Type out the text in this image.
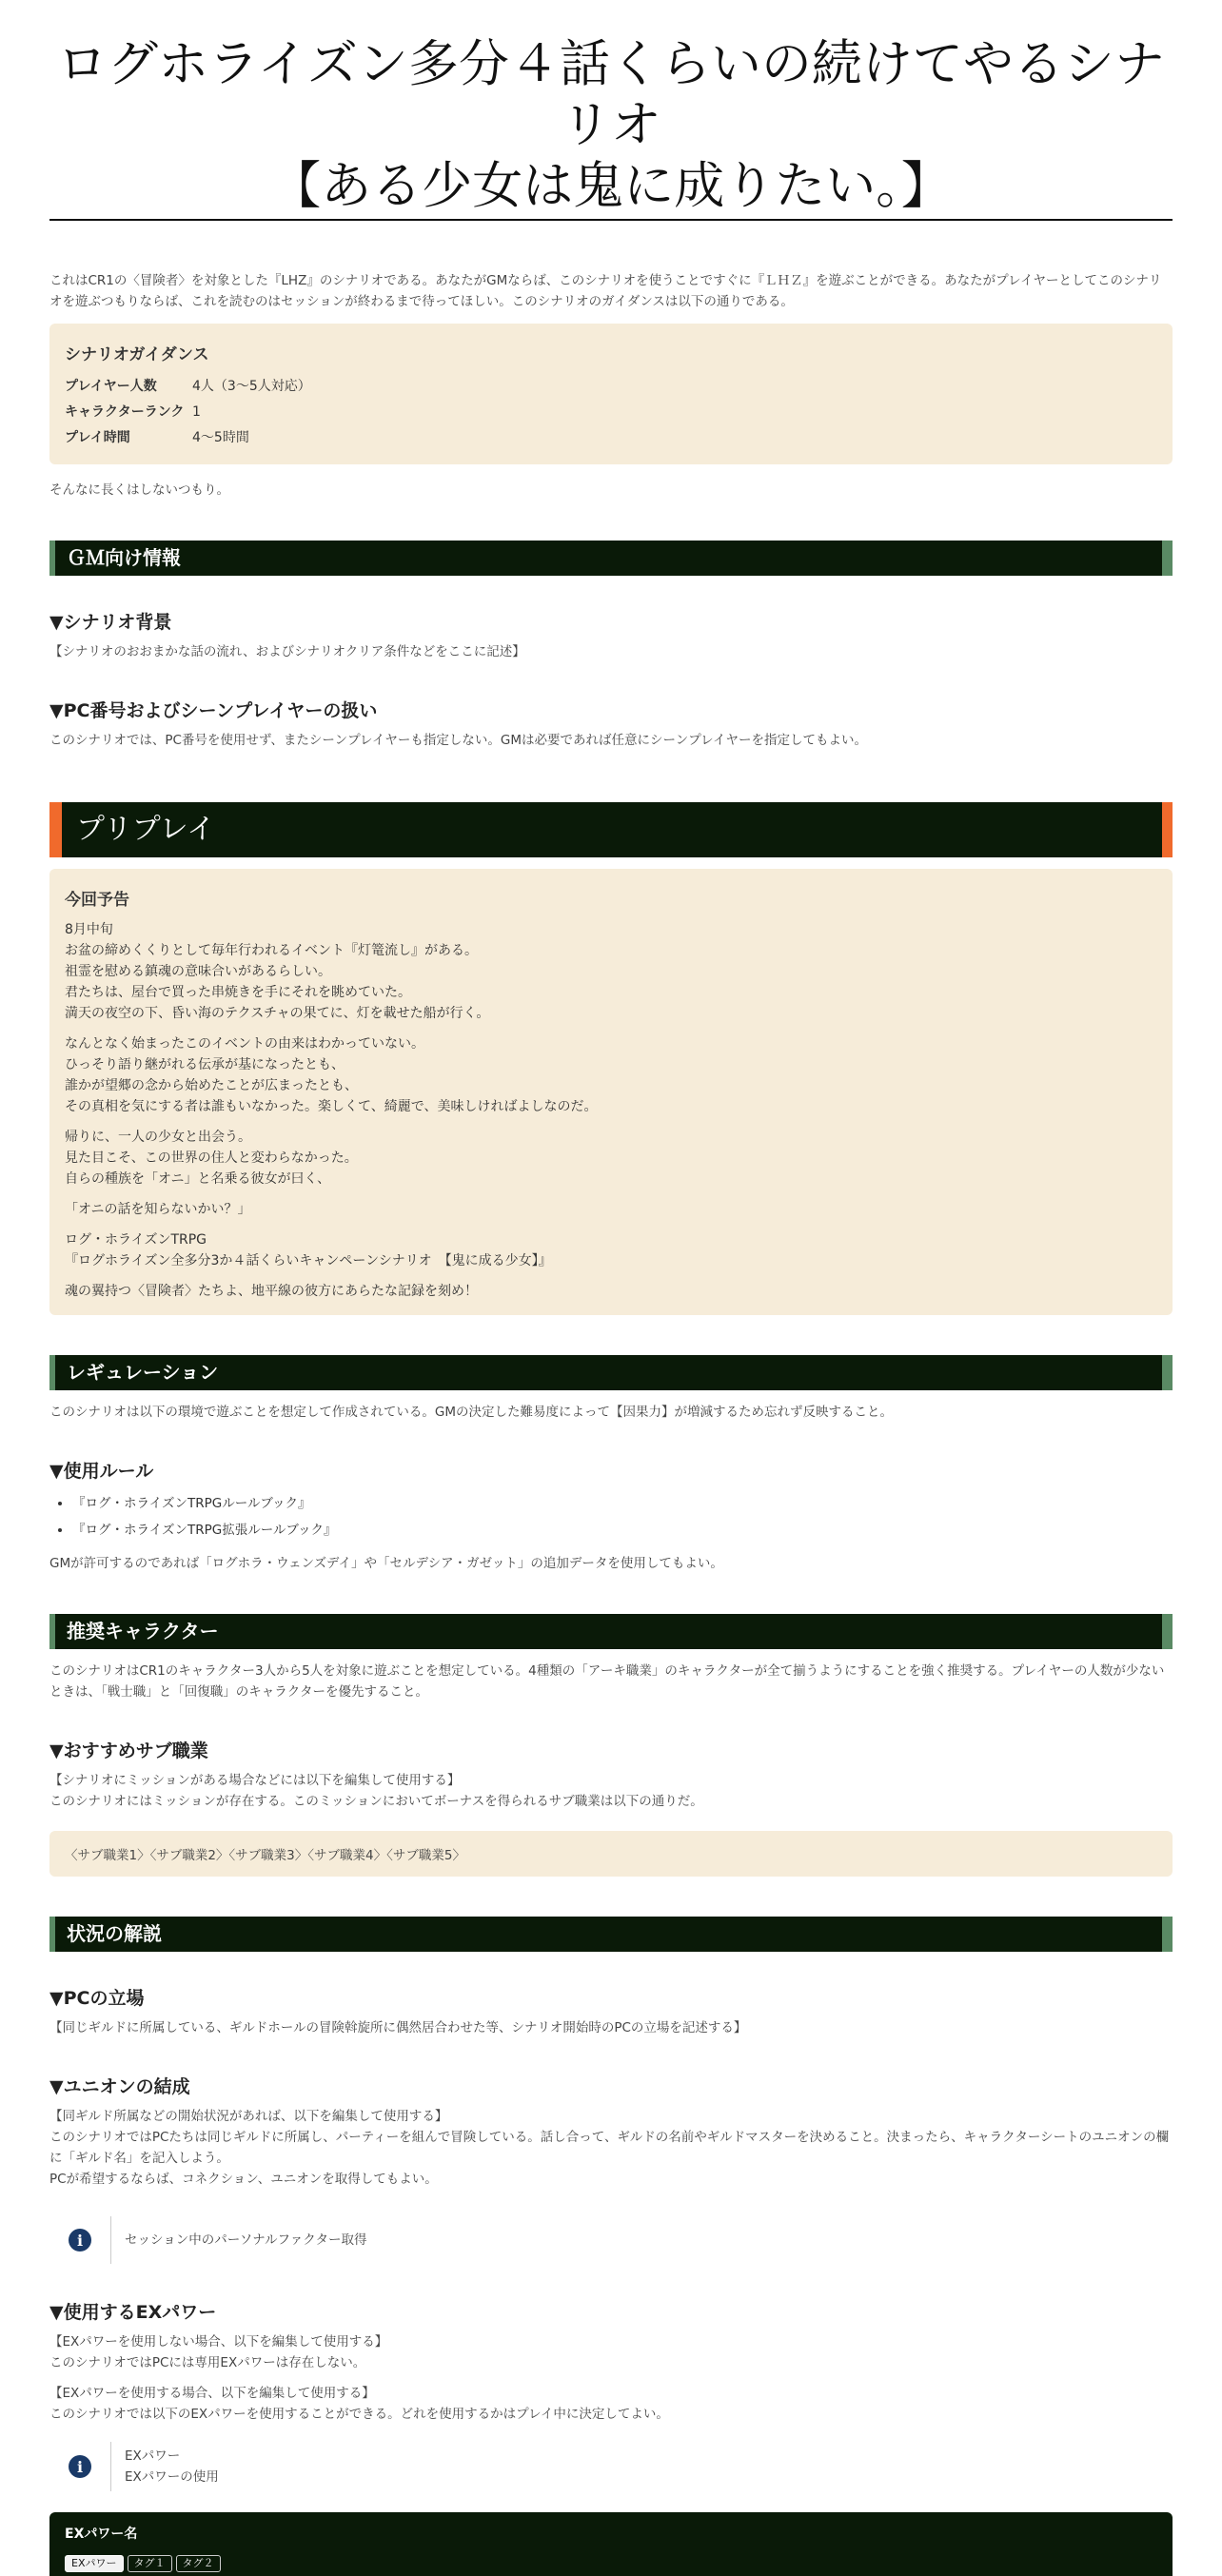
ログホライズン多分４話くらいの続けてやるシナリオ
【ある少女は鬼に成りたい。】

これはCR1の〈冒険者〉を対象とした『LHZ』のシナリオである。あなたがGMならば、このシナリオを使うことですぐに『ＬＨＺ』を遊ぶことができる。あなたがプレイヤーとしてこのシナリオを遊ぶつもりならば、これを読むのはセッションが終わるまで待ってほしい。このシナリオのガイダンスは以下の通りである。

シナリオガイダンス
プレイヤー人数	4人（3～5人対応）
キャラクターランク 1
プレイ時間	4～5時間

そんなに長くはしないつもり。

ＧＭ向け情報
▼シナリオ背景

【シナリオのおおまかな話の流れ、およびシナリオクリア条件などをここに記述】

▼PC番号およびシーンプレイヤーの扱い

このシナリオでは、PC番号を使用せず、またシーンプレイヤーも指定しない。GMは必要であれば任意にシーンプレイヤーを指定してもよい。

プリプレイ
今回予告

8月中旬

お盆の締めくくりとして毎年行われるイベント『灯篭流し』がある。

祖霊を慰める鎮魂の意味合いがあるらしい。

君たちは、屋台で買った串焼きを手にそれを眺めていた。

満天の夜空の下、昏い海のテクスチャの果てに、灯を載せた船が行く。

なんとなく始まったこのイベントの由来はわかっていない。

ひっそり語り継がれる伝承が基になったとも、

誰かが望郷の念から始めたことが広まったとも、

その真相を気にする者は誰もいなかった。楽しくて、綺麗で、美味しければよしなのだ。

帰りに、一人の少女と出会う。

見た目こそ、この世界の住人と変わらなかった。

自らの種族を「オニ」と名乗る彼女が曰く、

「オニの話を知らないかい？」

ログ・ホライズンTRPG

『ログホライズン全多分3か４話くらいキャンペーンシナリオ　【鬼に成る少女】』

魂の翼持つ〈冒険者〉たちよ、地平線の彼方にあらたな記録を刻め！

レギュレーション

このシナリオは以下の環境で遊ぶことを想定して作成されている。GMの決定した難易度によって【因果力】が増減するため忘れず反映すること。

▼使用ルール
• 『ログ・ホライズンTRPGルールブック』
• 『ログ・ホライズンTRPG拡張ルールブック』

GMが許可するのであれば「ログホラ・ウェンズデイ」や「セルデシア・ガゼット」の追加データを使用してもよい。

推奨キャラクター

このシナリオはCR1のキャラクター3人から5人を対象に遊ぶことを想定している。4種類の「アーキ職業」のキャラクターが全て揃うようにすることを強く推奨する。プレイヤーの人数が少ないときは、「戦士職」と「回復職」のキャラクターを優先すること。

▼おすすめサブ職業

【シナリオにミッションがある場合などには以下を編集して使用する】

このシナリオにはミッションが存在する。このミッションにおいてボーナスを得られるサブ職業は以下の通りだ。

〈サブ職業1〉〈サブ職業2〉〈サブ職業3〉〈サブ職業4〉〈サブ職業5〉
状況の解説
▼PCの立場

【同じギルドに所属している、ギルドホールの冒険斡旋所に偶然居合わせた等、シナリオ開始時のPCの立場を記述する】

▼ユニオンの結成

【同ギルド所属などの開始状況があれば、以下を編集して使用する】

このシナリオではPCたちは同じギルドに所属し、パーティーを組んで冒険している。話し合って、ギルドの名前やギルドマスターを決めること。決まったら、キャラクターシートのユニオンの欄に「ギルド名」を記入しよう。

PCが希望するならば、コネクション、ユニオンを取得してもよい。

i	セッション中のパーソナルファクター取得
▼使用するEXパワー

【EXパワーを使用しない場合、以下を編集して使用する】

このシナリオではPCには専用EXパワーは存在しない。

【EXパワーを使用する場合、以下を編集して使用する】

このシナリオでは以下のEXパワーを使用することができる。どれを使用するかはプレイ中に決定してよい。

i
EXパワー
EXパワーの使用
EXパワー名
EXパワー タグ１ タグ２
